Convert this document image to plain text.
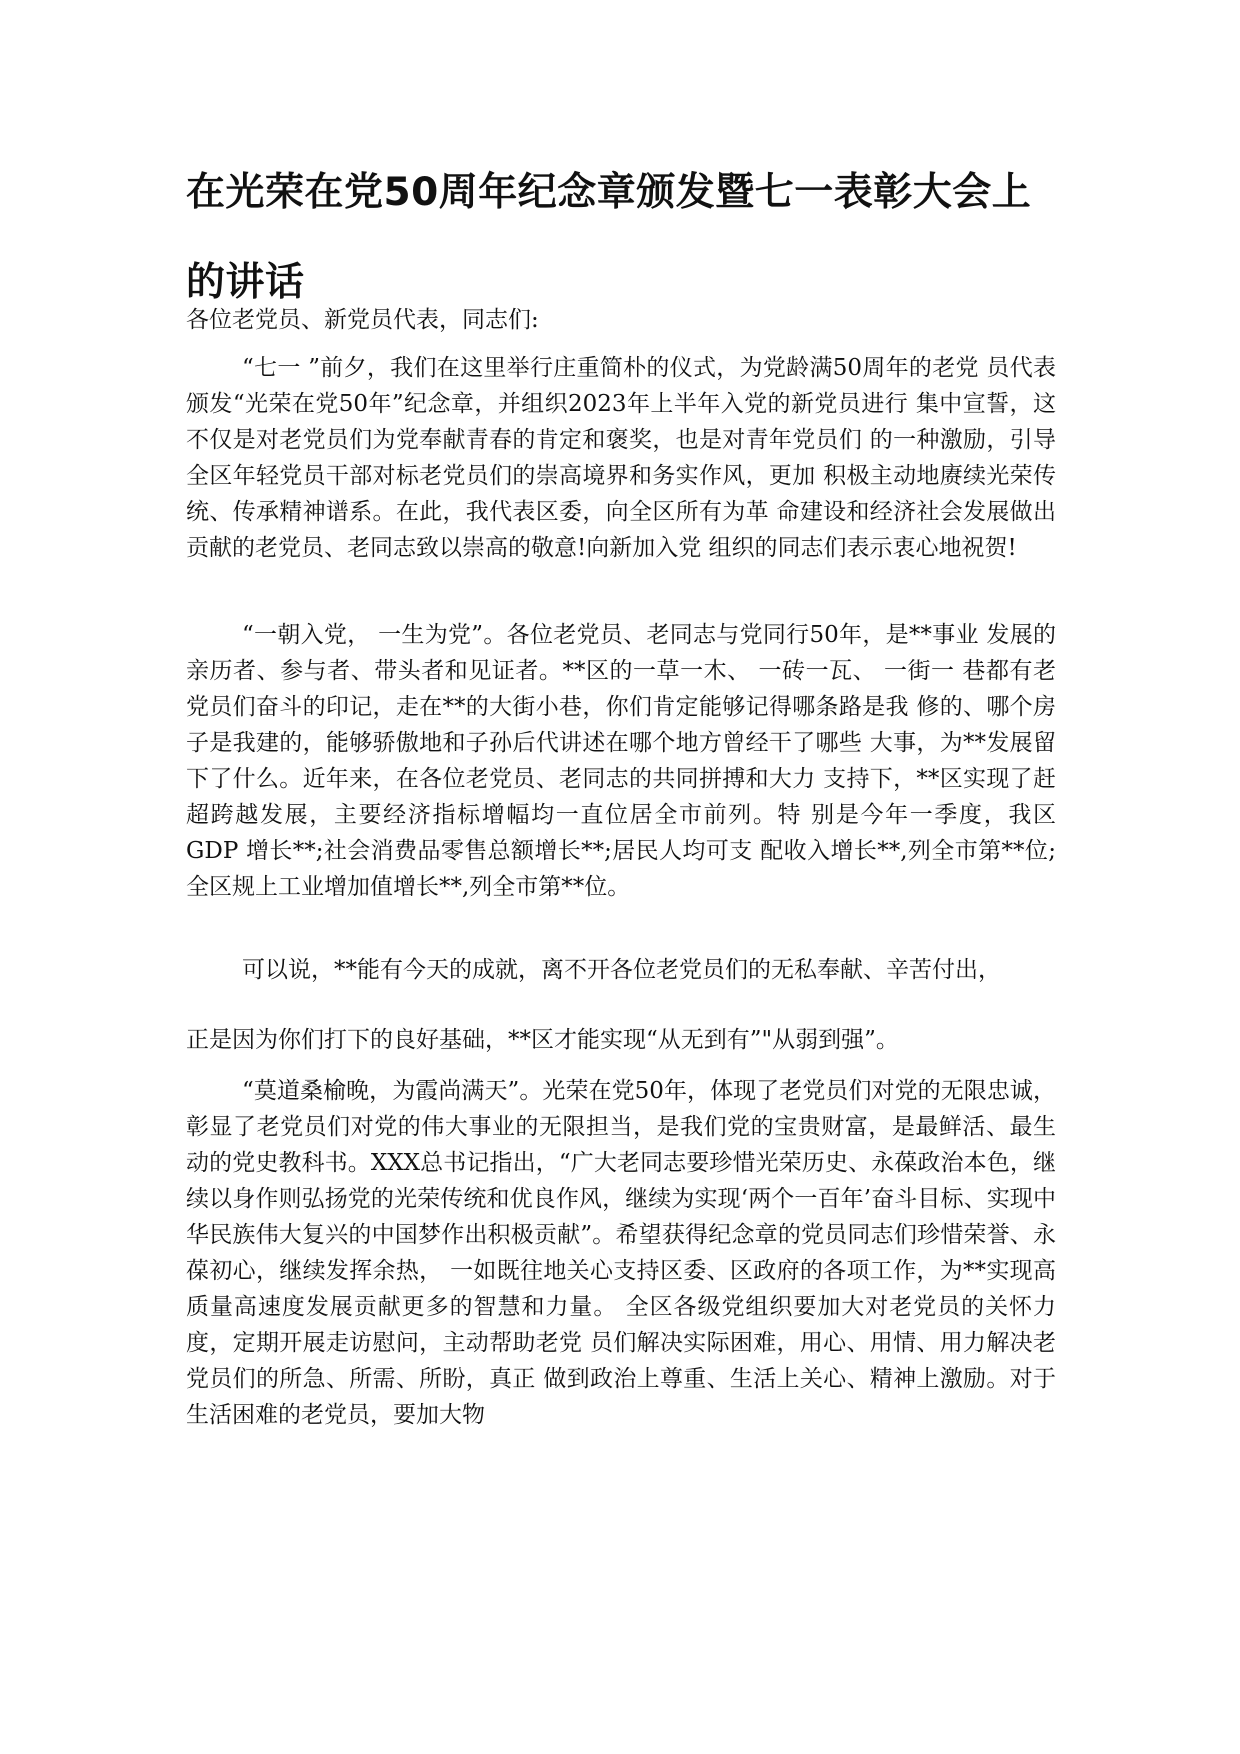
在光荣在党50周年纪念章颁发暨七一表彰大会上的讲话

各位老党员、新党员代表，同志们:

“七一 ”前夕，我们在这里举行庄重简朴的仪式，为党龄满50周年的老党 员代表颁发“光荣在党50年”纪念章，并组织2023年上半年入党的新党员进行 集中宣誓，这不仅是对老党员们为党奉献青春的肯定和褒奖，也是对青年党员们 的一种激励，引导全区年轻党员干部对标老党员们的崇高境界和务实作风，更加 积极主动地赓续光荣传统、传承精神谱系。在此，我代表区委，向全区所有为革 命建设和经济社会发展做出贡献的老党员、老同志致以崇高的敬意!向新加入党 组织的同志们表示衷心地祝贺!

“一朝入党， 一生为党”。各位老党员、老同志与党同行50年，是**事业 发展的亲历者、参与者、带头者和见证者。**区的一草一木、 一砖一瓦、 一街一 巷都有老党员们奋斗的印记，走在**的大街小巷，你们肯定能够记得哪条路是我 修的、哪个房子是我建的，能够骄傲地和子孙后代讲述在哪个地方曾经干了哪些 大事，为**发展留下了什么。近年来，在各位老党员、老同志的共同拼搏和大力 支持下，**区实现了赶超跨越发展，主要经济指标增幅均一直位居全市前列。特 别是今年一季度，我区 GDP 增长**;社会消费品零售总额增长**;居民人均可支 配收入增长**,列全市第**位; 全区规上工业增加值增长**,列全市第**位。

可以说，**能有今天的成就，离不开各位老党员们的无私奉献、辛苦付出，

正是因为你们打下的良好基础，**区才能实现“从无到有”"从弱到强”。

“莫道桑榆晚，为霞尚满天”。光荣在党50年，体现了老党员们对党的无限忠诚，彰显了老党员们对党的伟大事业的无限担当，是我们党的宝贵财富，是最鲜活、最生动的党史教科书。XXX总书记指出，“广大老同志要珍惜光荣历史、永葆政治本色，继续以身作则弘扬党的光荣传统和优良作风，继续为实现‘两个一百年’奋斗目标、实现中华民族伟大复兴的中国梦作出积极贡献”。希望获得纪念章的党员同志们珍惜荣誉、永葆初心，继续发挥余热， 一如既往地关心支持区委、区政府的各项工作，为**实现高质量高速度发展贡献更多的智慧和力量。 全区各级党组织要加大对老党员的关怀力度，定期开展走访慰问，主动帮助老党 员们解决实际困难，用心、用情、用力解决老党员们的所急、所需、所盼，真正 做到政治上尊重、生活上关心、精神上激励。对于生活困难的老党员，要加大物
